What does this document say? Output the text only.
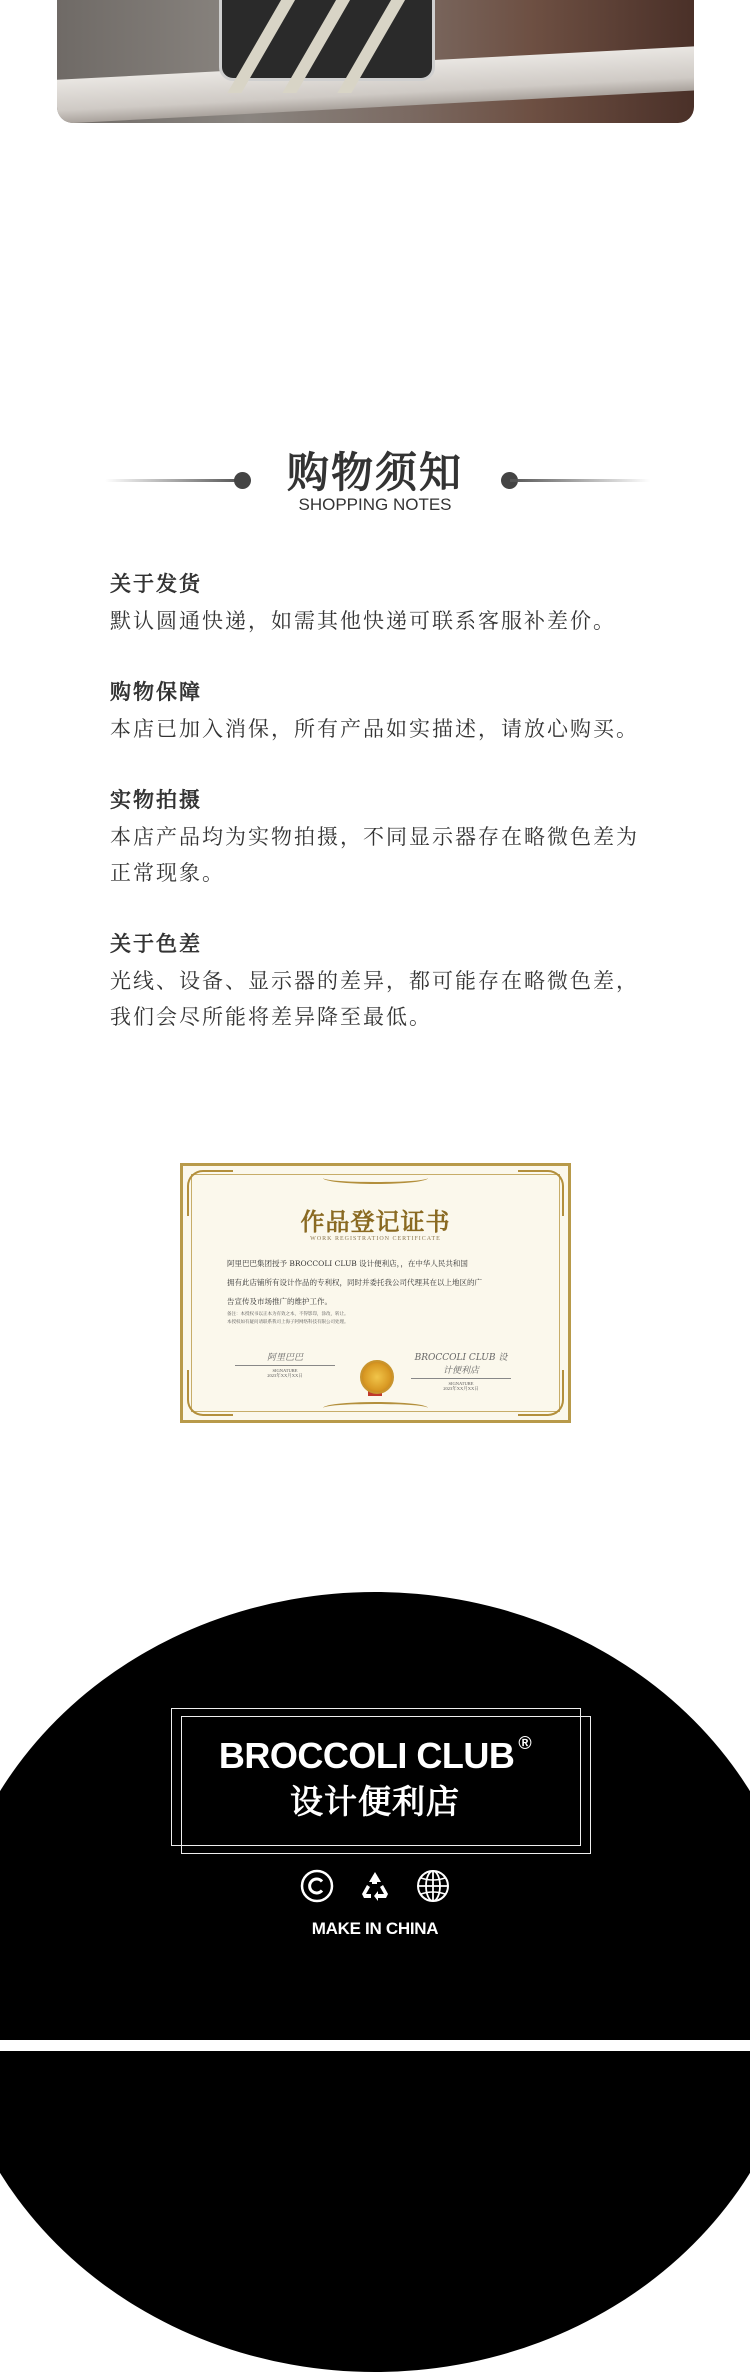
购物须知
SHOPPING NOTES
关于发货

默认圆通快递，如需其他快递可联系客服补差价。

购物保障

本店已加入消保，所有产品如实描述，请放心购买。

实物拍摄

本店产品均为实物拍摄，不同显示器存在略微色差为
正常现象。

关于色差

光线、设备、显示器的差异，都可能存在略微色差，
我们会尽所能将差异降至最低。

作品登记证书
WORK REGISTRATION CERTIFICATE
阿里巴巴集团授予 BROCCOLI CLUB 设计便利店，，在中华人民共和国
拥有此店铺所有设计作品的专利权，同时并委托我公司代理其在以上地区的广
告宣传及市场推广的维护工作。
备注：本授权书以正本为有效之本，不得影印，涂改，转让。
本授权如有疑问请联系我司上海子阿网络科技有限公司处理。
阿里巴巴
SIGNATURE
2023年XX月XX日
BROCCOLI CLUB 设计便利店
SIGNATURE
2023年XX月XX日
BROCCOLI CLUB ®
设计便利店
MAKE IN CHINA
